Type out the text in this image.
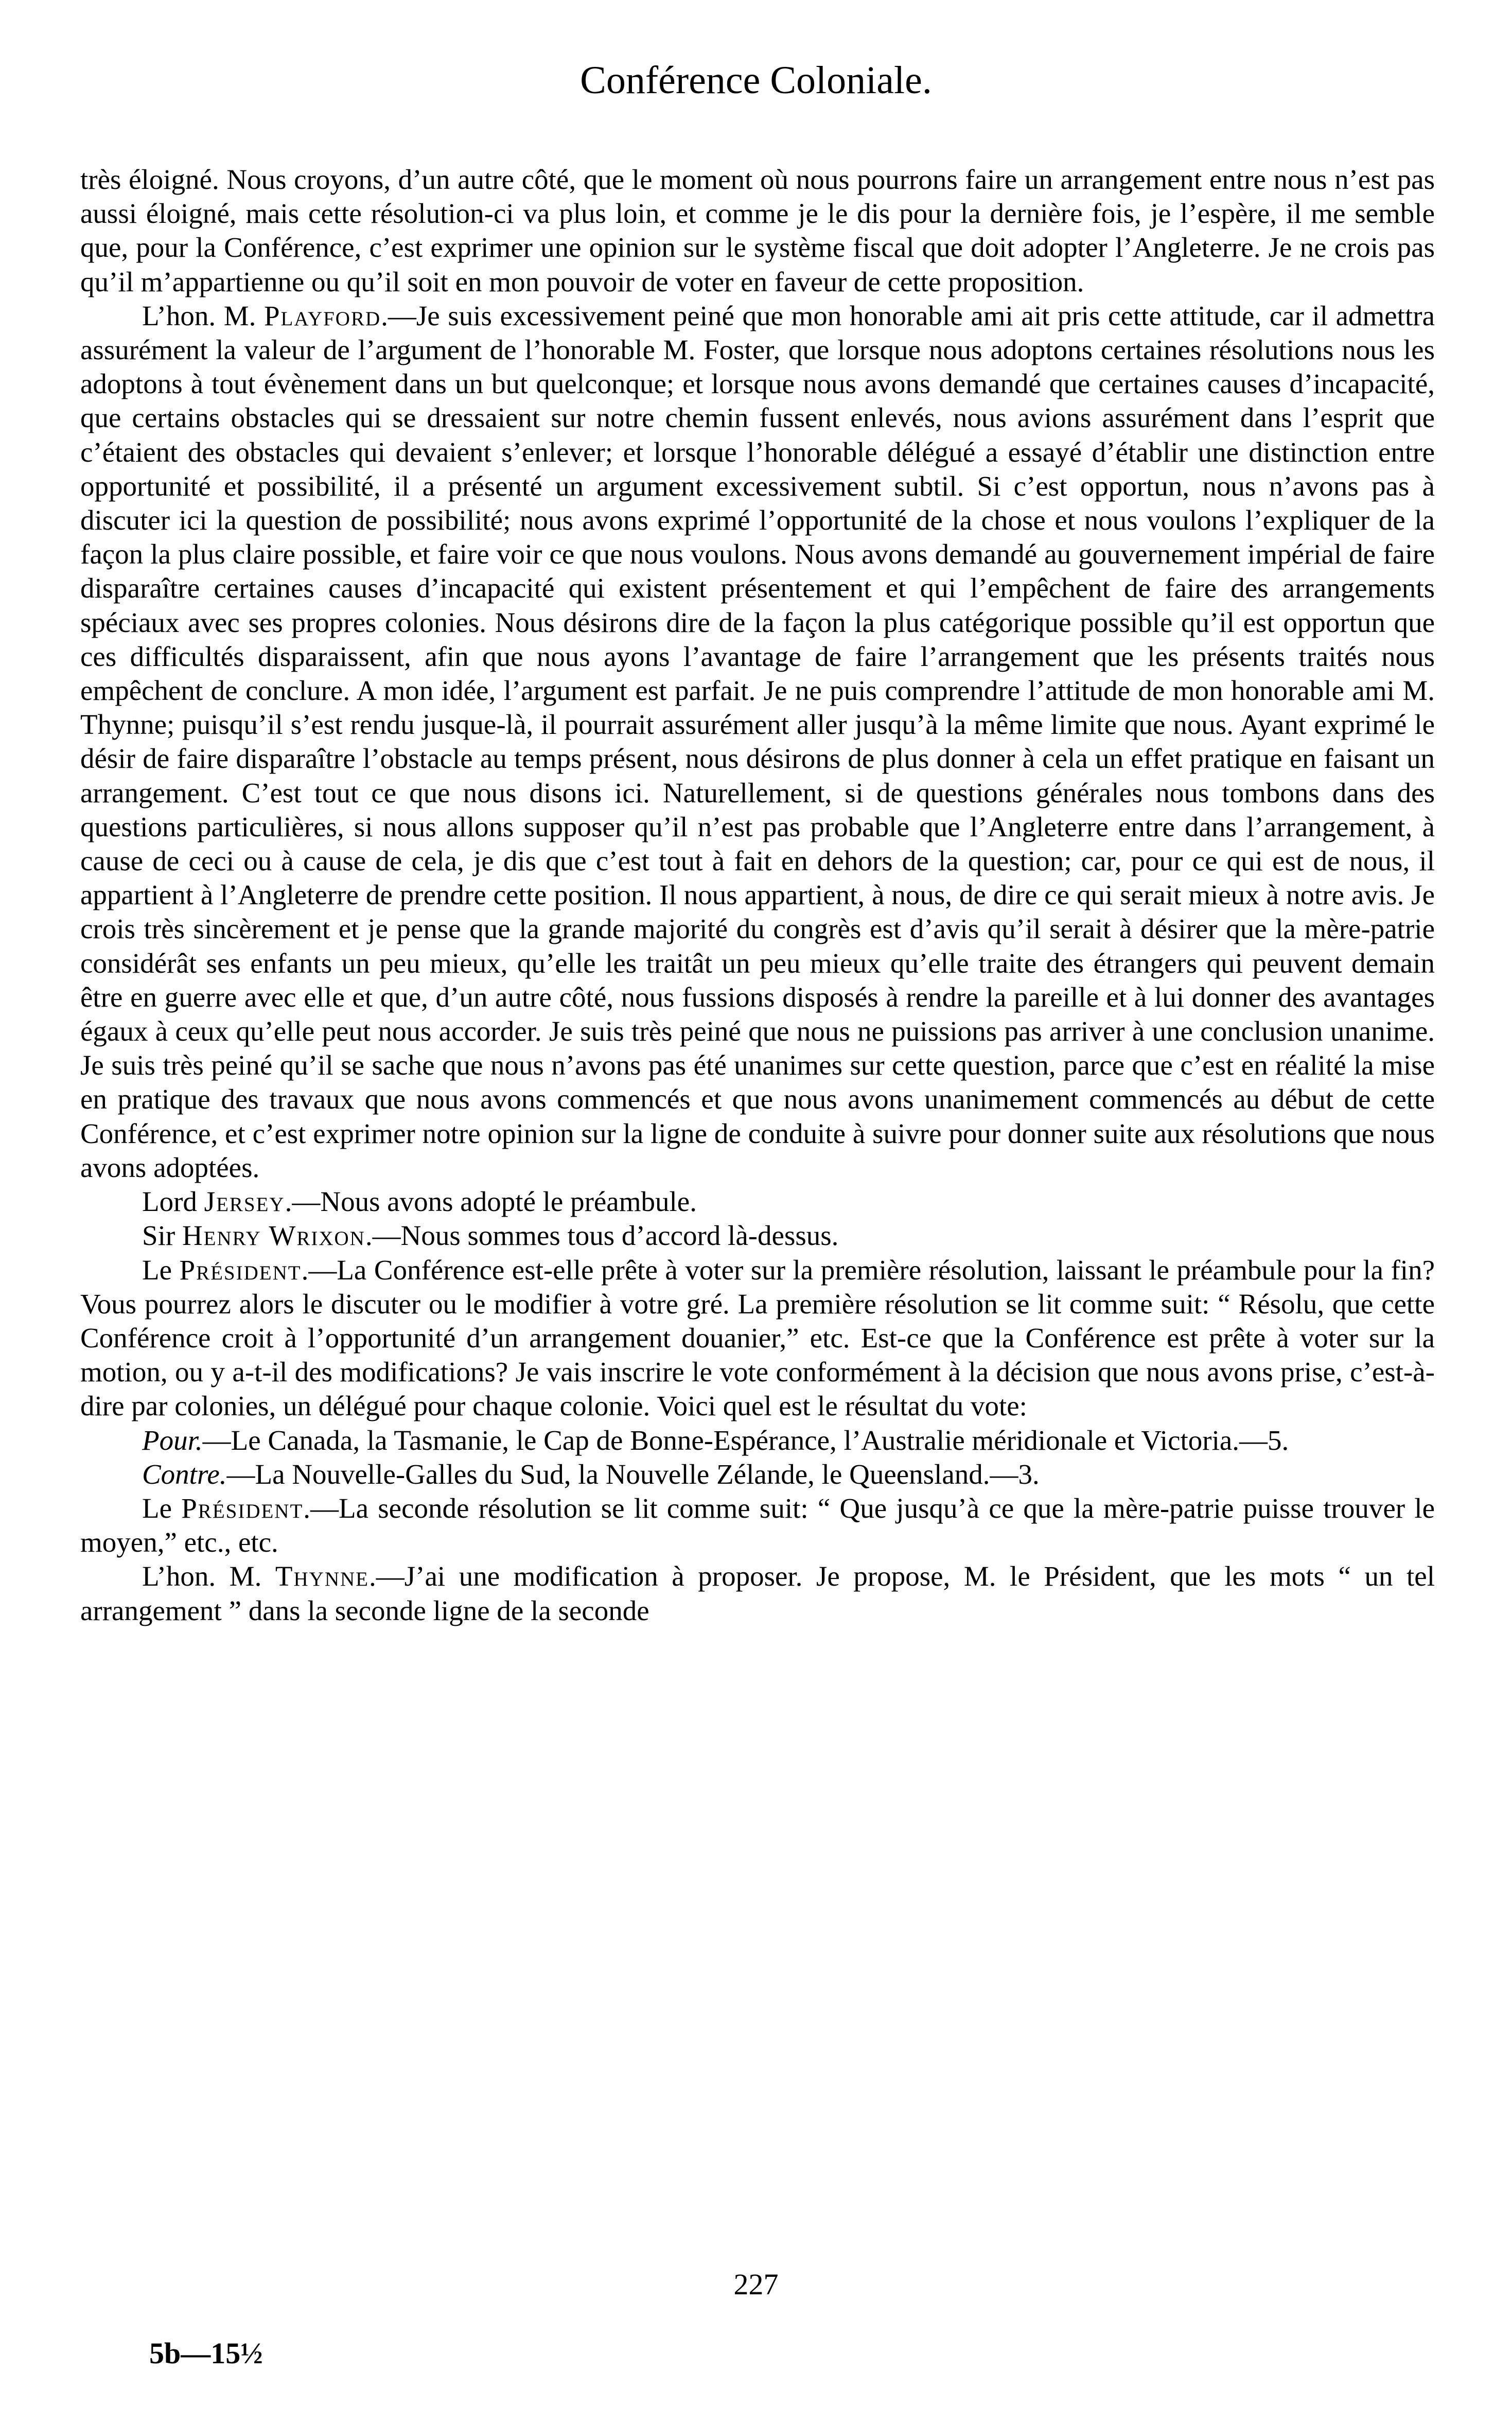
Conférence Coloniale.

très éloigné. Nous croyons, d’un autre côté, que le moment où nous pourrons faire un arrangement entre nous n’est pas aussi éloigné, mais cette résolution-ci va plus loin, et comme je le dis pour la dernière fois, je l’espère, il me semble que, pour la Conférence, c’est exprimer une opinion sur le système fiscal que doit adopter l’Angleterre. Je ne crois pas qu’il m’appartienne ou qu’il soit en mon pouvoir de voter en faveur de cette proposition.

L’hon. M. Playford.—Je suis excessivement peiné que mon honorable ami ait pris cette attitude, car il admettra assurément la valeur de l’argument de l’honorable M. Foster, que lorsque nous adoptons certaines résolutions nous les adoptons à tout évènement dans un but quelconque; et lorsque nous avons demandé que certaines causes d’incapacité, que certains obstacles qui se dressaient sur notre chemin fussent enlevés, nous avions assurément dans l’esprit que c’étaient des obstacles qui devaient s’enlever; et lorsque l’honorable délégué a essayé d’établir une distinction entre opportunité et possibilité, il a présenté un argument excessivement subtil. Si c’est opportun, nous n’avons pas à discuter ici la question de possibilité; nous avons exprimé l’opportunité de la chose et nous voulons l’expliquer de la façon la plus claire possible, et faire voir ce que nous voulons. Nous avons demandé au gouvernement impérial de faire disparaître certaines causes d’incapacité qui existent présentement et qui l’empêchent de faire des arrangements spéciaux avec ses propres colonies. Nous désirons dire de la façon la plus catégorique possible qu’il est opportun que ces difficultés disparaissent, afin que nous ayons l’avantage de faire l’arrangement que les présents traités nous empêchent de conclure. A mon idée, l’argument est parfait. Je ne puis comprendre l’attitude de mon honorable ami M. Thynne; puisqu’il s’est rendu jusque-là, il pourrait assurément aller jusqu’à la même limite que nous. Ayant exprimé le désir de faire disparaître l’obstacle au temps présent, nous désirons de plus donner à cela un effet pratique en faisant un arrangement. C’est tout ce que nous disons ici. Naturellement, si de questions générales nous tombons dans des questions particulières, si nous allons supposer qu’il n’est pas probable que l’Angleterre entre dans l’arrangement, à cause de ceci ou à cause de cela, je dis que c’est tout à fait en dehors de la question; car, pour ce qui est de nous, il appartient à l’Angleterre de prendre cette position. Il nous appartient, à nous, de dire ce qui serait mieux à notre avis. Je crois très sincèrement et je pense que la grande majorité du congrès est d’avis qu’il serait à désirer que la mère-patrie considérât ses enfants un peu mieux, qu’elle les traitât un peu mieux qu’elle traite des étrangers qui peuvent demain être en guerre avec elle et que, d’un autre côté, nous fussions disposés à rendre la pareille et à lui donner des avantages égaux à ceux qu’elle peut nous accorder. Je suis très peiné que nous ne puissions pas arriver à une conclusion unanime. Je suis très peiné qu’il se sache que nous n’avons pas été unanimes sur cette question, parce que c’est en réalité la mise en pratique des travaux que nous avons commencés et que nous avons unanimement commencés au début de cette Conférence, et c’est exprimer notre opinion sur la ligne de conduite à suivre pour donner suite aux résolutions que nous avons adoptées.

Lord Jersey.—Nous avons adopté le préambule.

Sir Henry Wrixon.—Nous sommes tous d’accord là-dessus.

Le Président.—La Conférence est-elle prête à voter sur la première résolution, laissant le préambule pour la fin? Vous pourrez alors le discuter ou le modifier à votre gré. La première résolution se lit comme suit: “ Résolu, que cette Conférence croit à l’opportunité d’un arrangement douanier,” etc. Est-ce que la Conférence est prête à voter sur la motion, ou y a-t-il des modifications? Je vais inscrire le vote conformément à la décision que nous avons prise, c’est-à-dire par colonies, un délégué pour chaque colonie. Voici quel est le résultat du vote:

Pour.—Le Canada, la Tasmanie, le Cap de Bonne-Espérance, l’Australie méridionale et Victoria.—5.

Contre.—La Nouvelle-Galles du Sud, la Nouvelle Zélande, le Queensland.—3.

Le Président.—La seconde résolution se lit comme suit: “ Que jusqu’à ce que la mère-patrie puisse trouver le moyen,” etc., etc.

L’hon. M. Thynne.—J’ai une modification à proposer. Je propose, M. le Président, que les mots “ un tel arrangement ” dans la seconde ligne de la seconde

227
5b—15½
